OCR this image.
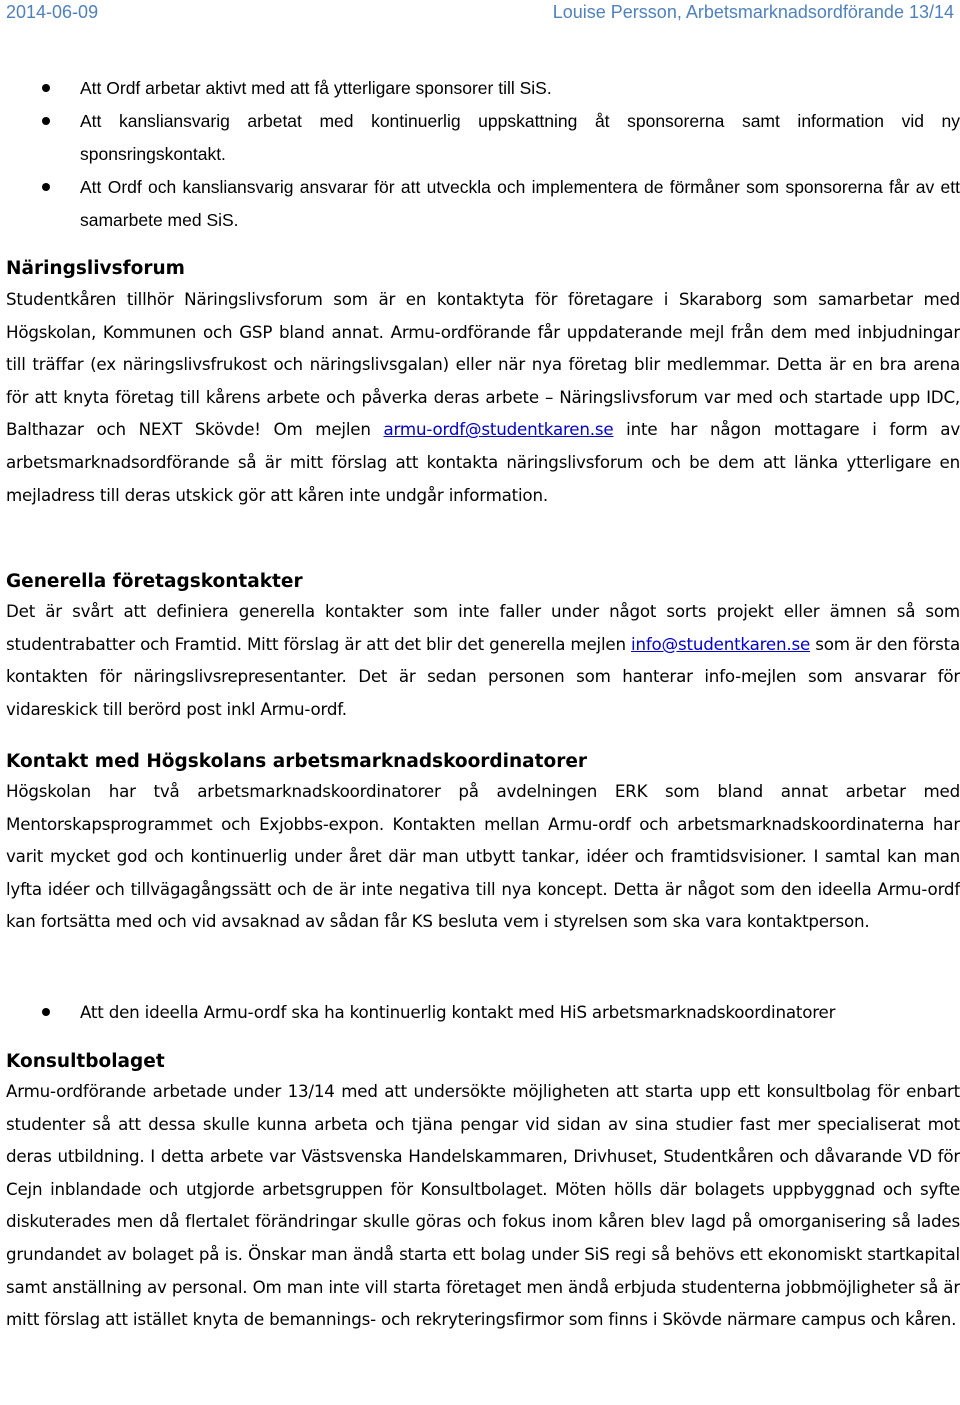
2014-06-09	Louise Persson, Arbetsmarknadsordförande 13/14
Att Ordf arbetar aktivt med att få ytterligare sponsorer till SiS.
Att kansliansvarig arbetat med kontinuerlig uppskattning åt sponsorerna samt information vid ny sponsringskontakt.
Att Ordf och kansliansvarig ansvarar för att utveckla och implementera de förmåner som sponsorerna får av ett samarbete med SiS.
Näringslivsforum

Studentkåren tillhör Näringslivsforum som är en kontaktyta för företagare i Skaraborg som samarbetar med Högskolan, Kommunen och GSP bland annat. Armu-ordförande får uppdaterande mejl från dem med inbjudningar till träffar (ex näringslivsfrukost och näringslivsgalan) eller när nya företag blir medlemmar. Detta är en bra arena för att knyta företag till kårens arbete och påverka deras arbete – Näringslivsforum var med och startade upp IDC, Balthazar och NEXT Skövde! Om mejlen armu-ordf@studentkaren.se inte har någon mottagare i form av arbetsmarknadsordförande så är mitt förslag att kontakta näringslivsforum och be dem att länka ytterligare en mejladress till deras utskick gör att kåren inte undgår information.

Generella företagskontakter

Det är svårt att definiera generella kontakter som inte faller under något sorts projekt eller ämnen så som studentrabatter och Framtid. Mitt förslag är att det blir det generella mejlen info@studentkaren.se som är den första kontakten för näringslivsrepresentanter. Det är sedan personen som hanterar info-mejlen som ansvarar för vidareskick till berörd post inkl Armu-ordf.

Kontakt med Högskolans arbetsmarknadskoordinatorer

Högskolan har två arbetsmarknadskoordinatorer på avdelningen ERK som bland annat arbetar med Mentorskapsprogrammet och Exjobbs-expon. Kontakten mellan Armu-ordf och arbetsmarknadskoordinaterna har varit mycket god och kontinuerlig under året där man utbytt tankar, idéer och framtidsvisioner. I samtal kan man lyfta idéer och tillvägagångssätt och de är inte negativa till nya koncept. Detta är något som den ideella Armu-ordf kan fortsätta med och vid avsaknad av sådan får KS besluta vem i styrelsen som ska vara kontaktperson.

Att den ideella Armu-ordf ska ha kontinuerlig kontakt med HiS arbetsmarknadskoordinatorer
Konsultbolaget

Armu-ordförande arbetade under 13/14 med att undersökte möjligheten att starta upp ett konsultbolag för enbart studenter så att dessa skulle kunna arbeta och tjäna pengar vid sidan av sina studier fast mer specialiserat mot deras utbildning. I detta arbete var Västsvenska Handelskammaren, Drivhuset, Studentkåren och dåvarande VD för Cejn inblandade och utgjorde arbetsgruppen för Konsultbolaget. Möten hölls där bolagets uppbyggnad och syfte diskuterades men då flertalet förändringar skulle göras och fokus inom kåren blev lagd på omorganisering så lades grundandet av bolaget på is. Önskar man ändå starta ett bolag under SiS regi så behövs ett ekonomiskt startkapital samt anställning av personal. Om man inte vill starta företaget men ändå erbjuda studenterna jobbmöjligheter så är mitt förslag att istället knyta de bemannings- och rekryteringsfirmor som finns i Skövde närmare campus och kåren.
